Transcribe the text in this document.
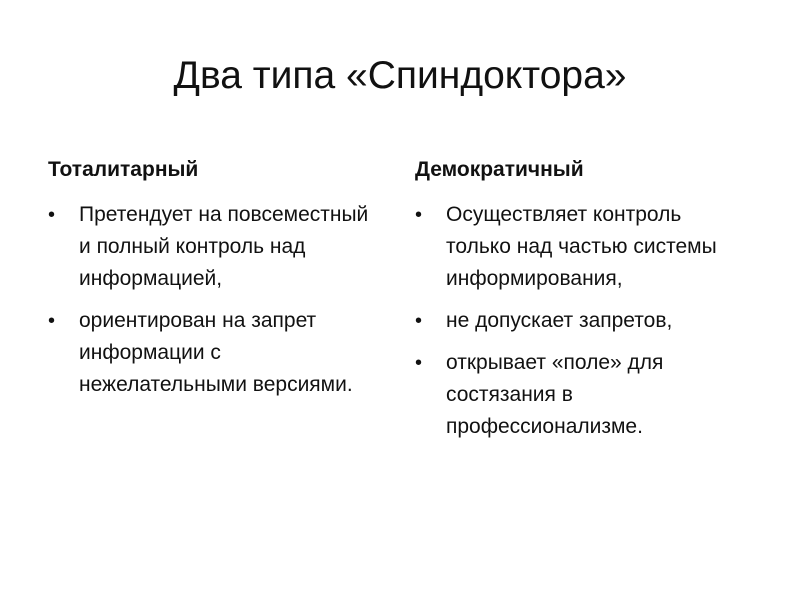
Два типа «Спиндоктора»
Тоталитарный
• Претендует на повсеместный и полный контроль над информацией,
• ориентирован на запрет информации с нежелательными версиями.
Демократичный
• Осуществляет контроль только над частью системы информирования,
• не допускает запретов,
• открывает «поле» для состязания в профессионализме.
